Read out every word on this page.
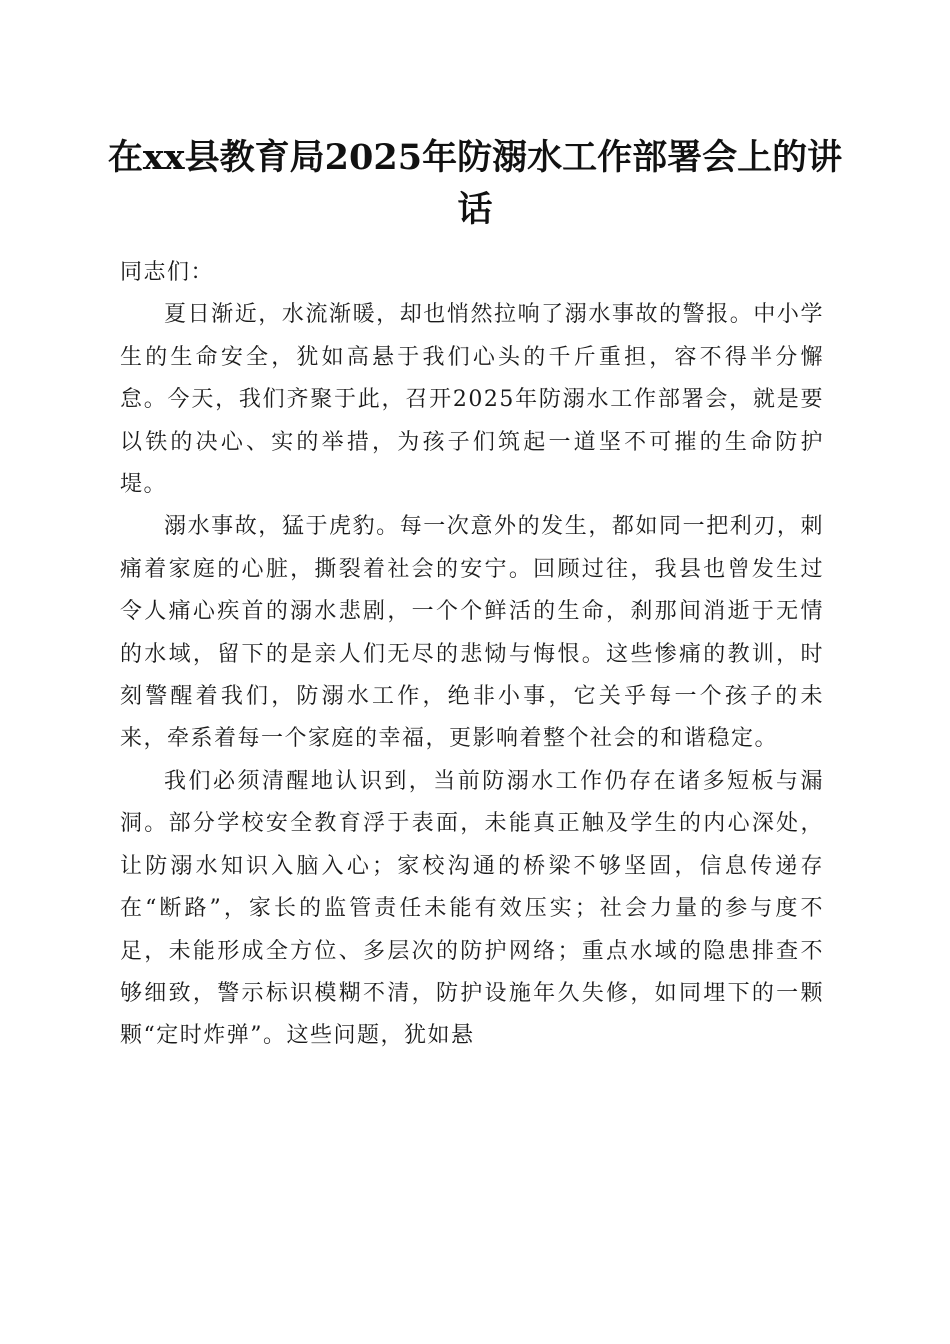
在xx县教育局2025年防溺水工作部署会上的讲话

同志们：

夏日渐近，水流渐暖，却也悄然拉响了溺水事故的警报。中小学生的生命安全，犹如高悬于我们心头的千斤重担，容不得半分懈怠。今天，我们齐聚于此，召开2025年防溺水工作部署会，就是要以铁的决心、实的举措，为孩子们筑起一道坚不可摧的生命防护堤。

溺水事故，猛于虎豹。每一次意外的发生，都如同一把利刃，刺痛着家庭的心脏，撕裂着社会的安宁。回顾过往，我县也曾发生过令人痛心疾首的溺水悲剧，一个个鲜活的生命，刹那间消逝于无情的水域，留下的是亲人们无尽的悲恸与悔恨。这些惨痛的教训，时刻警醒着我们，防溺水工作，绝非小事，它关乎每一个孩子的未来，牵系着每一个家庭的幸福，更影响着整个社会的和谐稳定。

我们必须清醒地认识到，当前防溺水工作仍存在诸多短板与漏洞。部分学校安全教育浮于表面，未能真正触及学生的内心深处，让防溺水知识入脑入心；家校沟通的桥梁不够坚固，信息传递存在“断路”，家长的监管责任未能有效压实；社会力量的参与度不足，未能形成全方位、多层次的防护网络；重点水域的隐患排查不够细致，警示标识模糊不清，防护设施年久失修，如同埋下的一颗颗“定时炸弹”。这些问题，犹如悬
